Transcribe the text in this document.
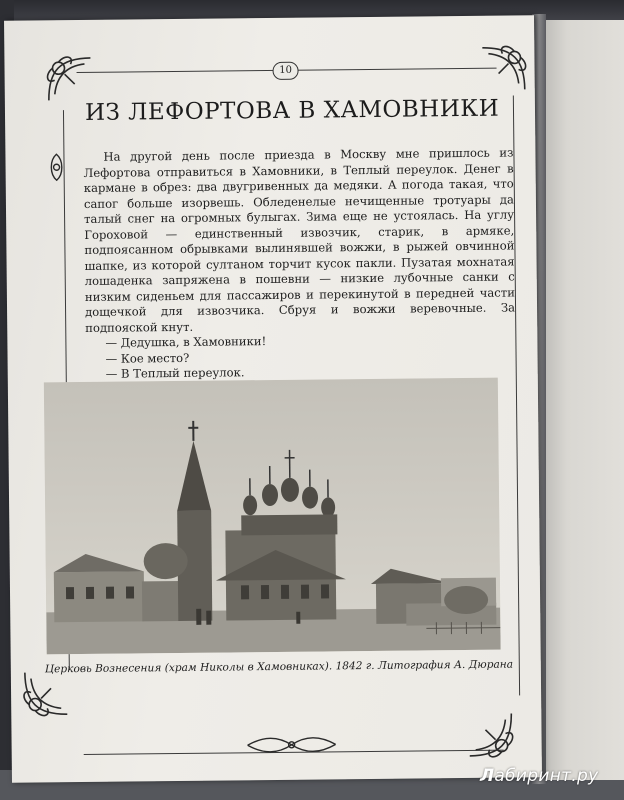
10
ИЗ ЛЕФОРТОВА В ХАМОВНИКИ

На другой день после приезда в Москву мне пришлось из Лефортова отправиться в Хамовники, в Теплый переулок. Денег в кармане в обрез: два двугривенных да медяки. А погода такая, что сапог больше изорвешь. Обледенелые нечищенные тротуары да талый снег на огромных булыгах. Зима еще не устоялась. На углу Гороховой — единственный извозчик, старик, в армяке, подпоясанном обрывками вылинявшей вожжи, в рыжей овчинной шапке, из которой султаном торчит кусок пакли. Пузатая мохнатая лошаденка запряжена в пошевни — низкие лубочные санки с низким сиденьем для пассажиров и перекинутой в передней части дощечкой для извозчика. Сбруя и вожжи веревочные. За подпояской кнут.

— Дедушка, в Хамовники!

— Кое место?

— В Теплый переулок.

Церковь Вознесения (храм Николы в Хамовниках). 1842 г. Литография А. Дюрана
Лабиринт.ру
